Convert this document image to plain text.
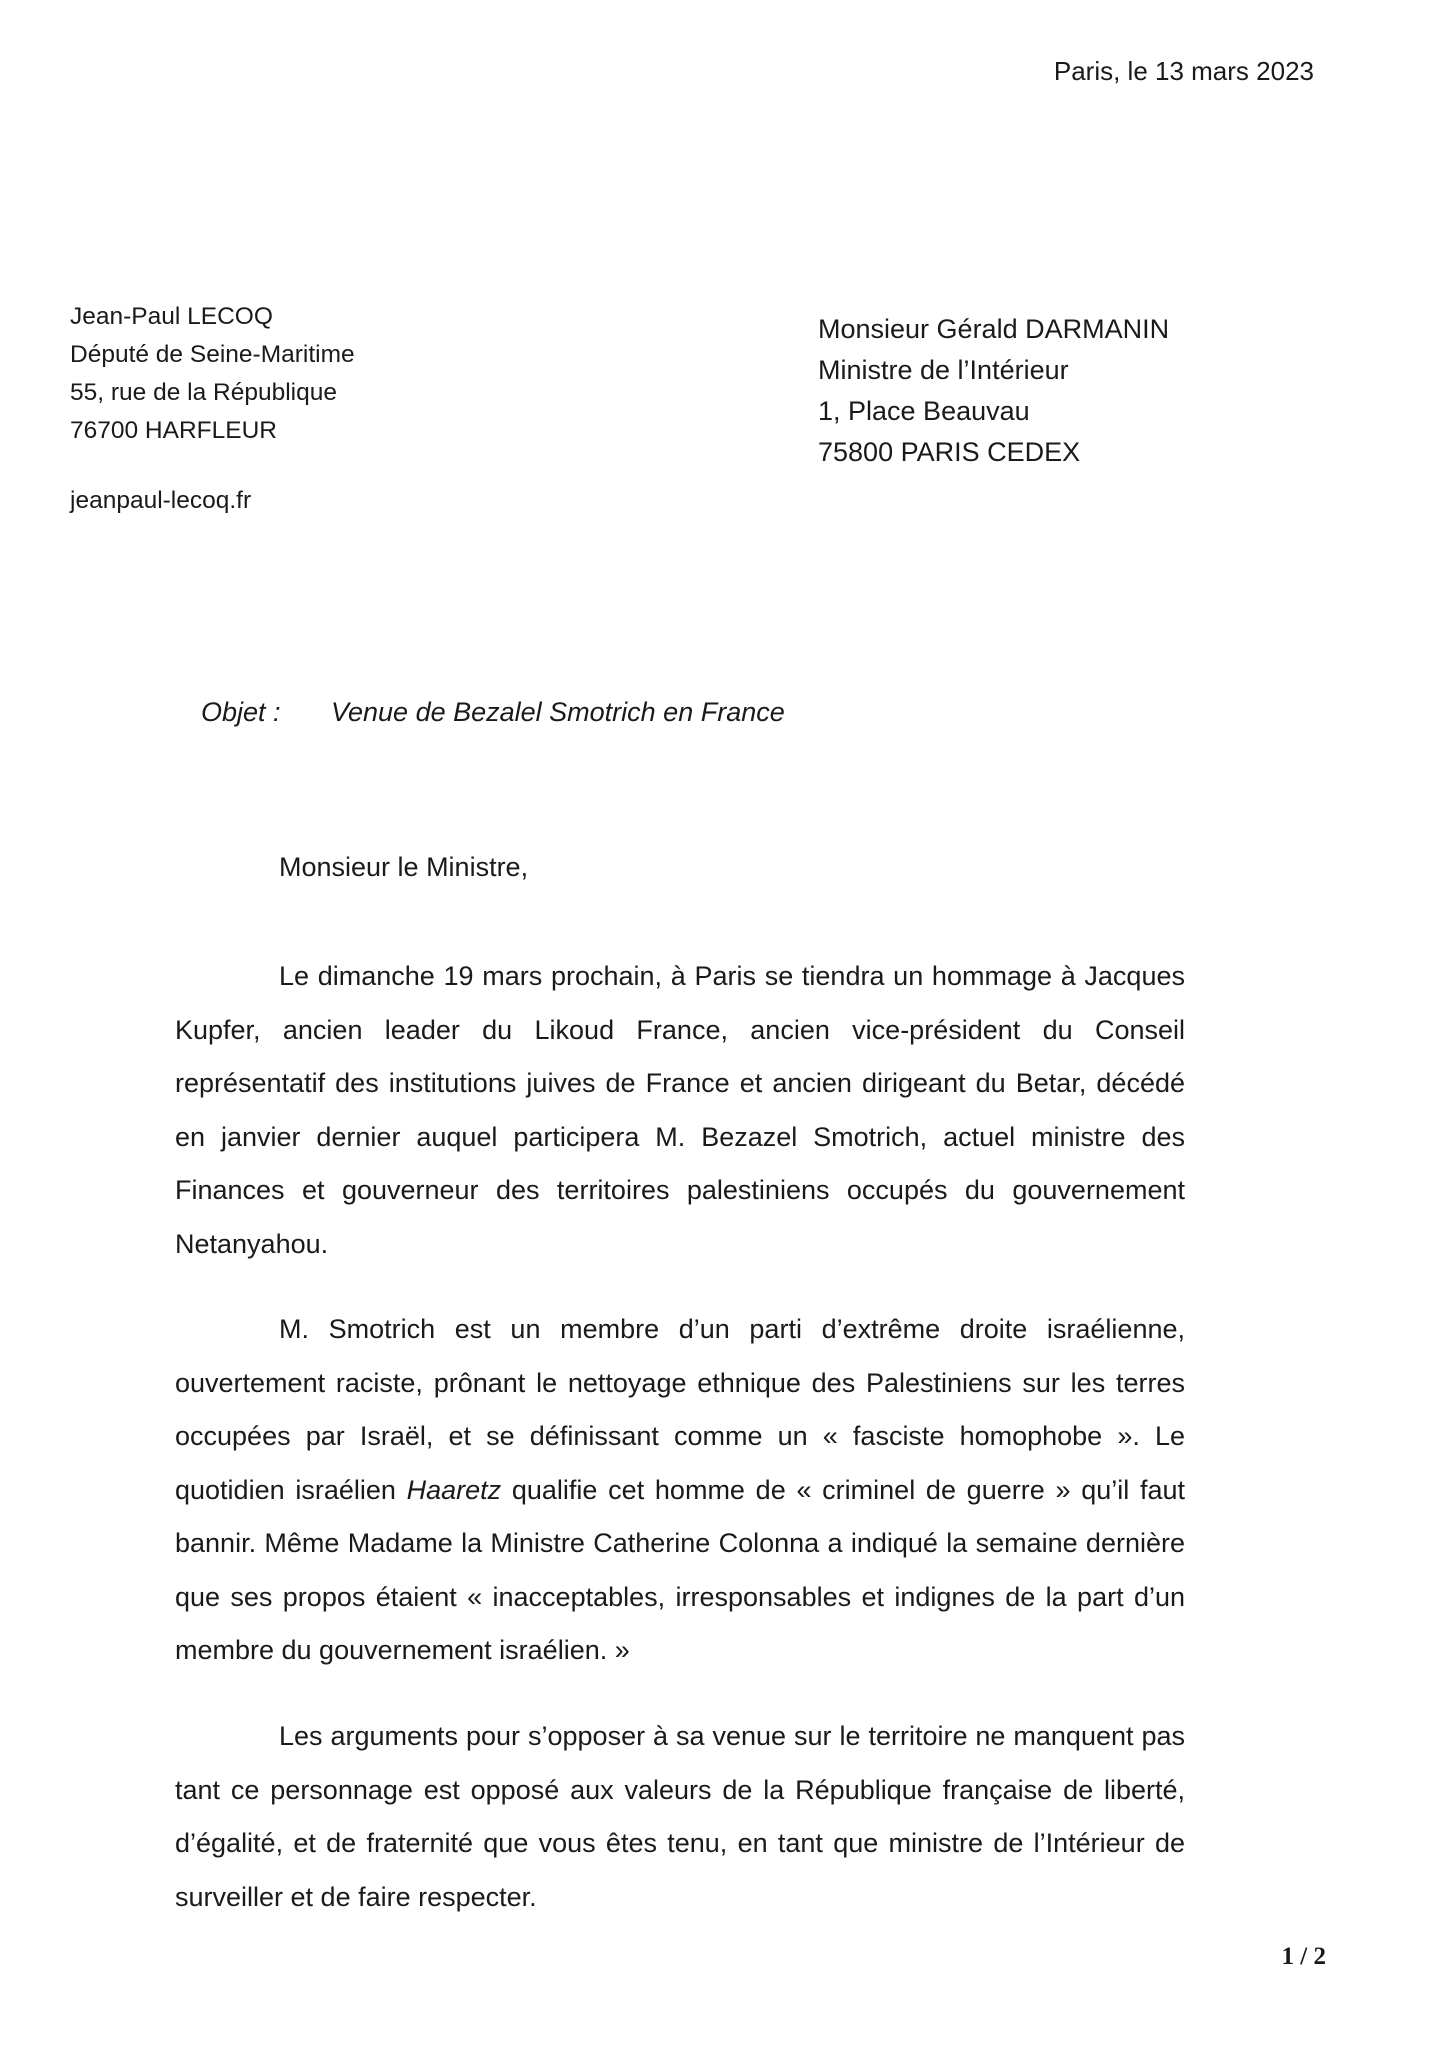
Paris, le 13 mars 2023
Jean-Paul LECOQ
Député de Seine-Maritime
55, rue de la République
76700 HARFLEUR
jeanpaul-lecoq.fr
Monsieur Gérald DARMANIN
Ministre de l’Intérieur
1, Place Beauvau
75800 PARIS CEDEX
Objet :	Venue de Bezalel Smotrich en France
Monsieur le Ministre,

Le dimanche 19 mars prochain, à Paris se tiendra un hommage à Jacques Kupfer, ancien leader du Likoud France, ancien vice-président du Conseil représentatif des institutions juives de France et ancien dirigeant du Betar, décédé en janvier dernier auquel participera M. Bezazel Smotrich, actuel ministre des Finances et gouverneur des territoires palestiniens occupés du gouvernement Netanyahou.

M. Smotrich est un membre d’un parti d’extrême droite israélienne, ouvertement raciste, prônant le nettoyage ethnique des Palestiniens sur les terres occupées par Israël, et se définissant comme un « fasciste homophobe ». Le quotidien israélien Haaretz qualifie cet homme de « criminel de guerre » qu’il faut bannir. Même Madame la Ministre Catherine Colonna a indiqué la semaine dernière que ses propos étaient « inacceptables, irresponsables et indignes de la part d’un membre du gouvernement israélien. »

Les arguments pour s’opposer à sa venue sur le territoire ne manquent pas tant ce personnage est opposé aux valeurs de la République française de liberté, d’égalité, et de fraternité que vous êtes tenu, en tant que ministre de l’Intérieur de surveiller et de faire respecter.

1 / 2
